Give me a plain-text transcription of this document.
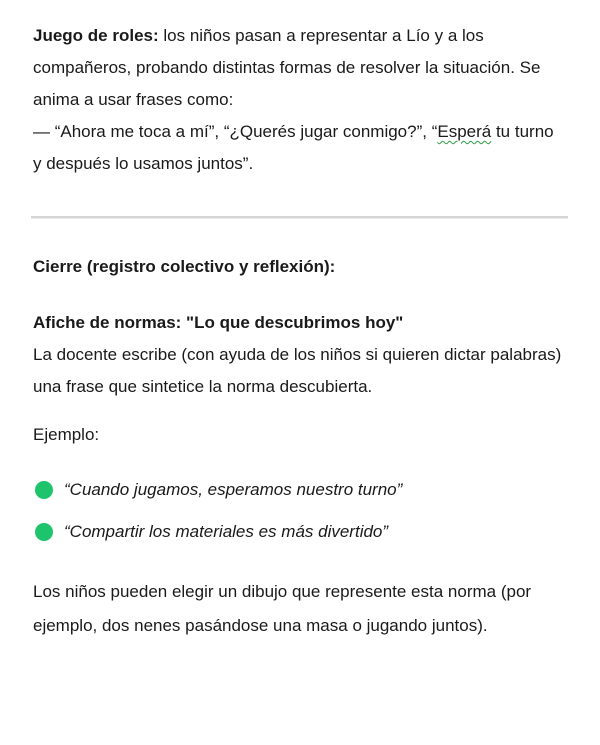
Juego de roles: los niños pasan a representar a Lío y a los compañeros, probando distintas formas de resolver la situación. Se anima a usar frases como:
— “Ahora me toca a mí”, “¿Querés jugar conmigo?”, “Esperá tu turno y después lo usamos juntos”.

Cierre (registro colectivo y reflexión):

Afiche de normas: "Lo que descubrimos hoy"

La docente escribe (con ayuda de los niños si quieren dictar palabras) una frase que sintetice la norma descubierta.

Ejemplo:

“Cuando jugamos, esperamos nuestro turno”
“Compartir los materiales es más divertido”

Los niños pueden elegir un dibujo que represente esta norma (por ejemplo, dos nenes pasándose una masa o jugando juntos).
